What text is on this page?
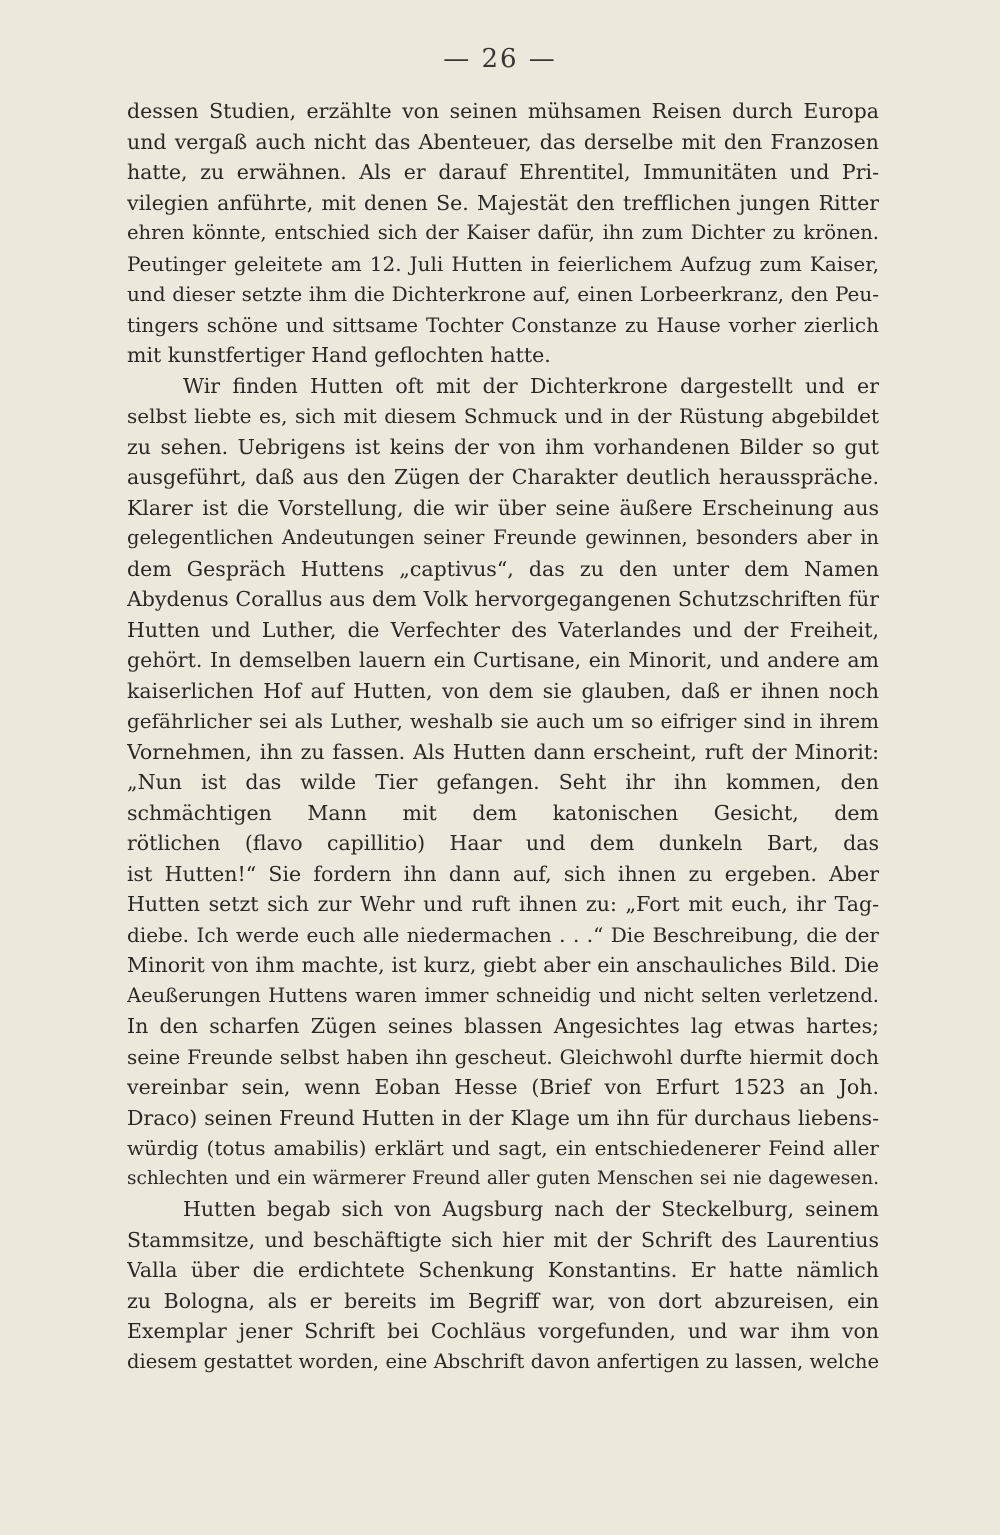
— 26 —
dessen Studien, erzählte von seinen mühsamen Reisen durch Europa
und vergaß auch nicht das Abenteuer, das derselbe mit den Franzosen
hatte, zu erwähnen. Als er darauf Ehrentitel, Immunitäten und Pri-
vilegien anführte, mit denen Se. Majestät den trefflichen jungen Ritter
ehren könnte, entschied sich der Kaiser dafür, ihn zum Dichter zu krönen.
Peutinger geleitete am 12. Juli Hutten in feierlichem Aufzug zum Kaiser,
und dieser setzte ihm die Dichterkrone auf, einen Lorbeerkranz, den Peu-
tingers schöne und sittsame Tochter Constanze zu Hause vorher zierlich
mit kunstfertiger Hand geflochten hatte.
Wir finden Hutten oft mit der Dichterkrone dargestellt und er
selbst liebte es, sich mit diesem Schmuck und in der Rüstung abgebildet
zu sehen. Uebrigens ist keins der von ihm vorhandenen Bilder so gut
ausgeführt, daß aus den Zügen der Charakter deutlich herausspräche.
Klarer ist die Vorstellung, die wir über seine äußere Erscheinung aus
gelegentlichen Andeutungen seiner Freunde gewinnen, besonders aber in
dem Gespräch Huttens „captivus“, das zu den unter dem Namen
Abydenus Corallus aus dem Volk hervorgegangenen Schutzschriften für
Hutten und Luther, die Verfechter des Vaterlandes und der Freiheit,
gehört. In demselben lauern ein Curtisane, ein Minorit, und andere am
kaiserlichen Hof auf Hutten, von dem sie glauben, daß er ihnen noch
gefährlicher sei als Luther, weshalb sie auch um so eifriger sind in ihrem
Vornehmen, ihn zu fassen. Als Hutten dann erscheint, ruft der Minorit:
„Nun ist das wilde Tier gefangen. Seht ihr ihn kommen, den
schmächtigen Mann mit dem katonischen Gesicht, dem
rötlichen (flavo capillitio) Haar und dem dunkeln Bart, das
ist Hutten!“ Sie fordern ihn dann auf, sich ihnen zu ergeben. Aber
Hutten setzt sich zur Wehr und ruft ihnen zu: „Fort mit euch, ihr Tag-
diebe. Ich werde euch alle niedermachen . . .“ Die Beschreibung, die der
Minorit von ihm machte, ist kurz, giebt aber ein anschauliches Bild. Die
Aeußerungen Huttens waren immer schneidig und nicht selten verletzend.
In den scharfen Zügen seines blassen Angesichtes lag etwas hartes;
seine Freunde selbst haben ihn gescheut. Gleichwohl durfte hiermit doch
vereinbar sein, wenn Eoban Hesse (Brief von Erfurt 1523 an Joh.
Draco) seinen Freund Hutten in der Klage um ihn für durchaus liebens-
würdig (totus amabilis) erklärt und sagt, ein entschiedenerer Feind aller
schlechten und ein wärmerer Freund aller guten Menschen sei nie dagewesen.
Hutten begab sich von Augsburg nach der Steckelburg, seinem
Stammsitze, und beschäftigte sich hier mit der Schrift des Laurentius
Valla über die erdichtete Schenkung Konstantins. Er hatte nämlich
zu Bologna, als er bereits im Begriff war, von dort abzureisen, ein
Exemplar jener Schrift bei Cochläus vorgefunden, und war ihm von
diesem gestattet worden, eine Abschrift davon anfertigen zu lassen, welche
